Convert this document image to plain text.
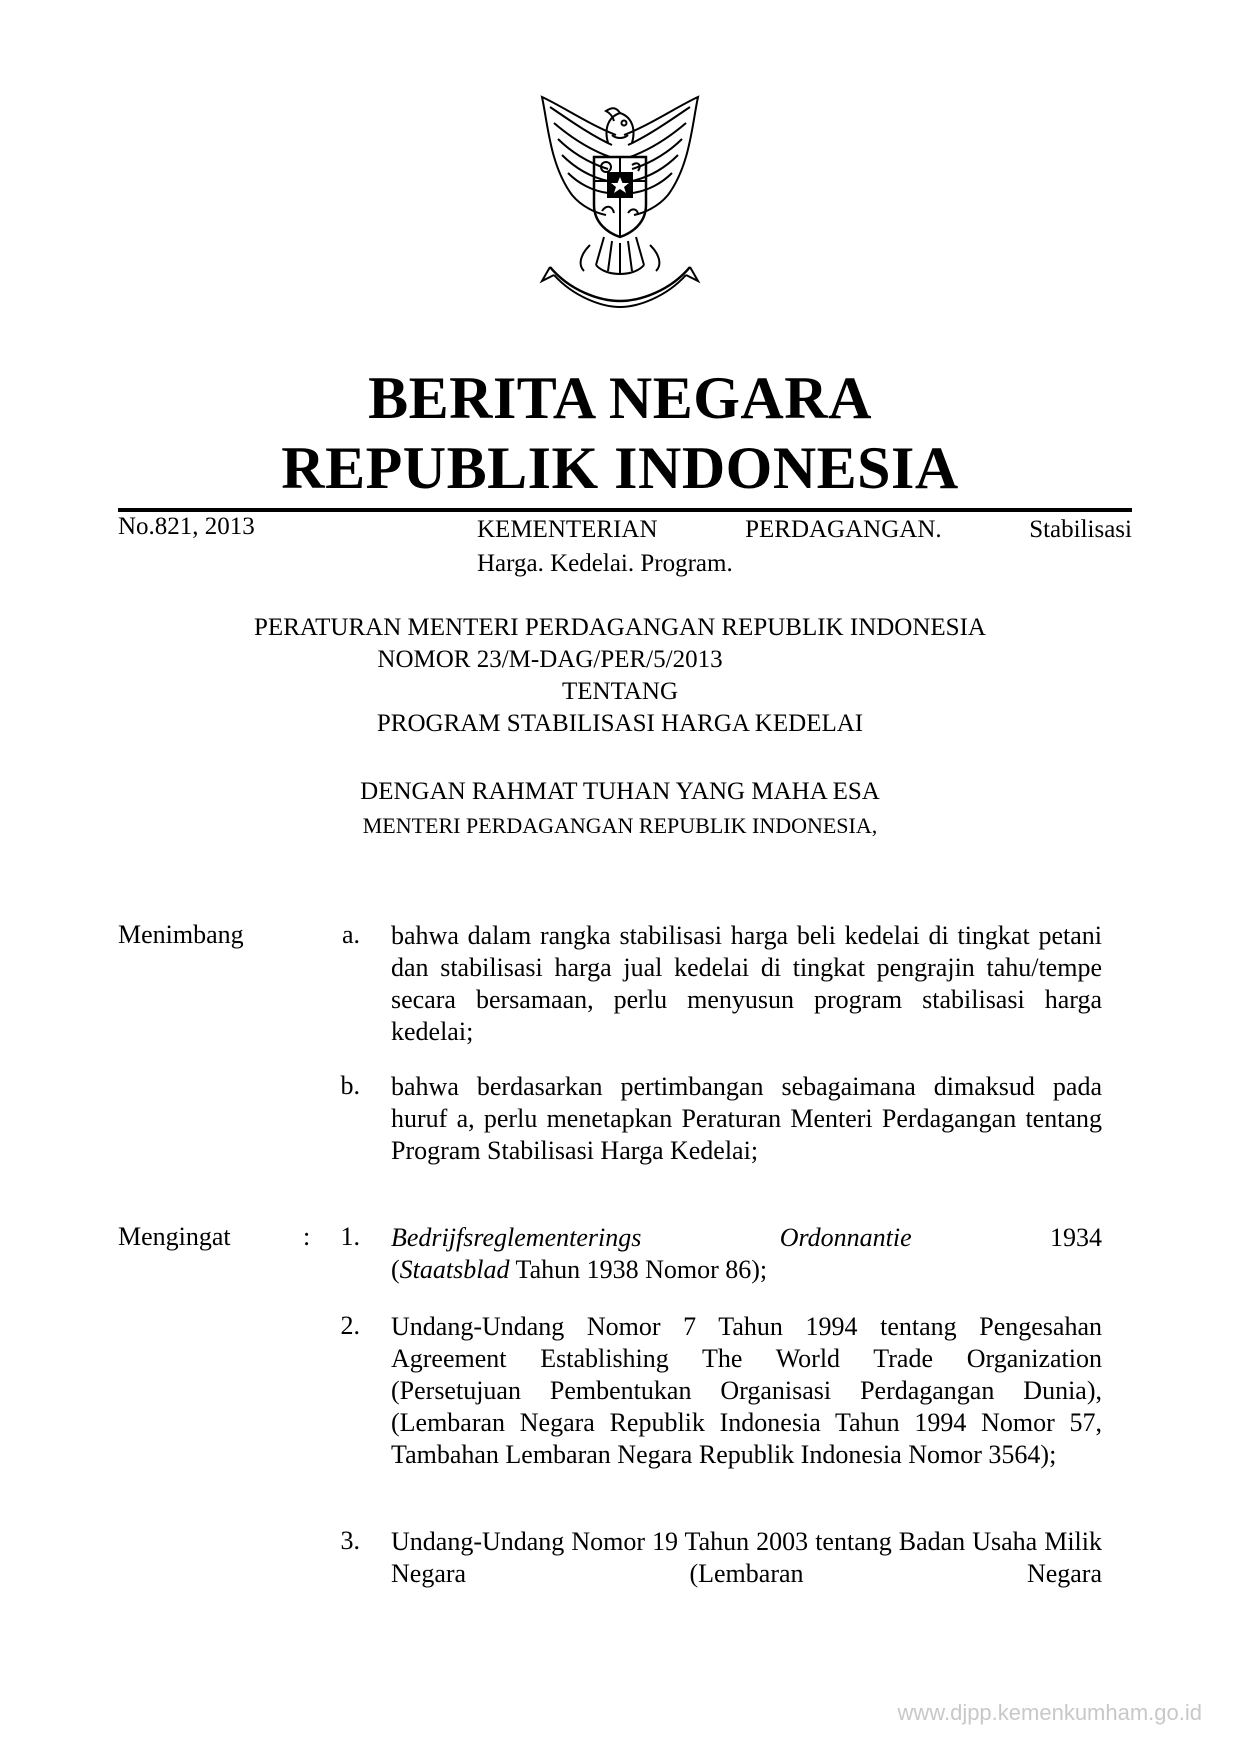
BERITA NEGARA
REPUBLIK INDONESIA
No.821, 2013	KEMENTERIAN	PERDAGANGAN.	Stabilisasi
Harga. Kedelai. Program.
PERATURAN MENTERI PERDAGANGAN REPUBLIK INDONESIA
NOMOR 23/M-DAG/PER/5/2013
TENTANG
PROGRAM STABILISASI HARGA KEDELAI
DENGAN RAHMAT TUHAN YANG MAHA ESA
MENTERI PERDAGANGAN REPUBLIK INDONESIA,
Menimbang	a. bahwa dalam rangka stabilisasi harga beli kedelai di tingkat petani dan stabilisasi harga jual kedelai di tingkat pengrajin tahu/tempe secara bersamaan, perlu menyusun program stabilisasi harga kedelai;
b. bahwa berdasarkan pertimbangan sebagaimana dimaksud pada huruf a, perlu menetapkan Peraturan Menteri Perdagangan tentang Program Stabilisasi Harga Kedelai;
Mengingat	:	1. Bedrijfsreglementerings	Ordonnantie	1934
(Staatsblad Tahun 1938 Nomor 86);
2. Undang-Undang Nomor 7 Tahun 1994 tentang Pengesahan Agreement Establishing The World Trade Organization (Persetujuan Pembentukan Organisasi Perdagangan Dunia), (Lembaran Negara Republik Indonesia Tahun 1994 Nomor 57, Tambahan Lembaran Negara Republik Indonesia Nomor 3564);
3. Undang-Undang Nomor 19 Tahun 2003 tentang Badan Usaha Milik Negara (Lembaran Negara
www.djpp.kemenkumham.go.id
